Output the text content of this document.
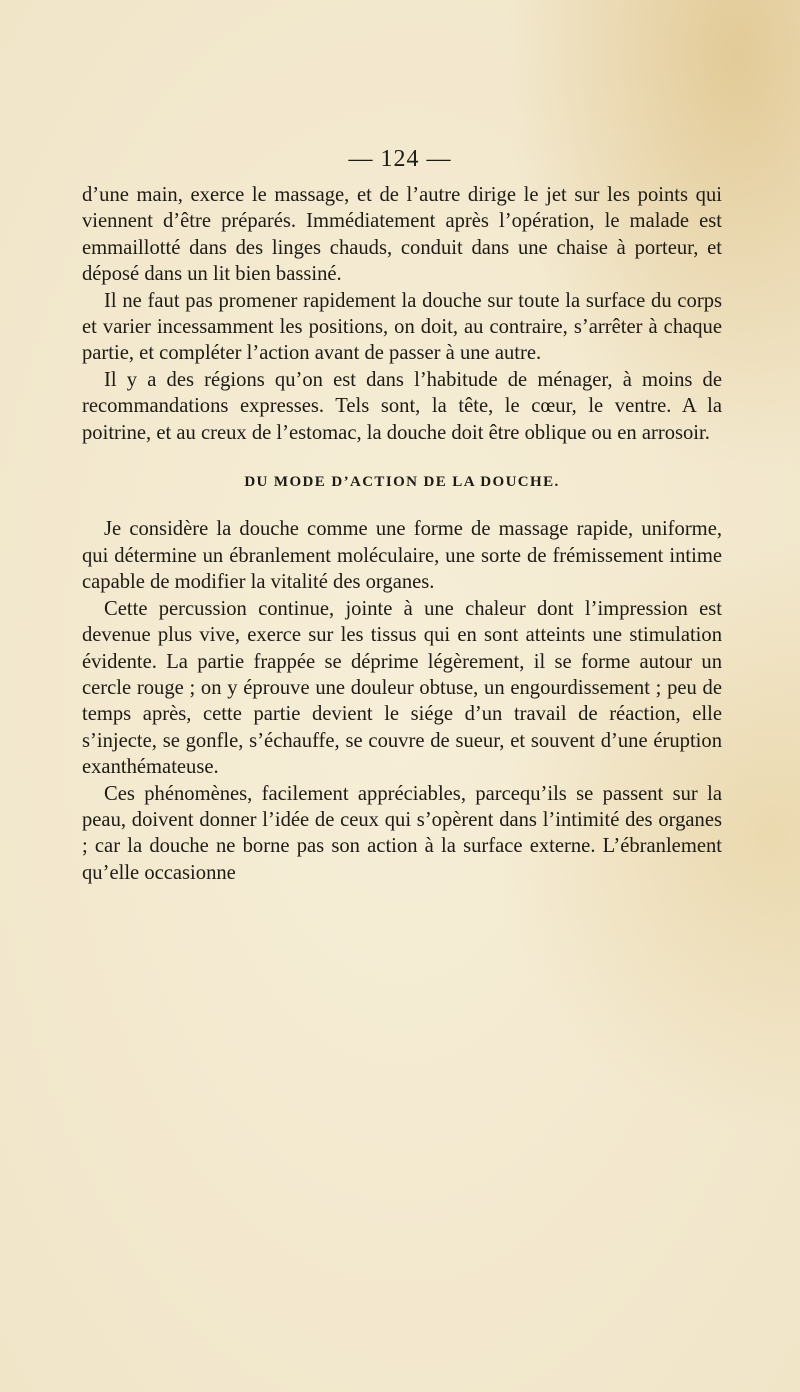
— 124 —

d’une main, exerce le massage, et de l’autre dirige le jet sur les points qui viennent d’être préparés. Immédiatement après l’opération, le malade est emmaillotté dans des linges chauds, conduit dans une chaise à porteur, et déposé dans un lit bien bassiné.

Il ne faut pas promener rapidement la douche sur toute la surface du corps et varier incessamment les positions, on doit, au contraire, s’arrêter à chaque partie, et compléter l’action avant de passer à une autre.

Il y a des régions qu’on est dans l’habitude de ménager, à moins de recommandations expresses. Tels sont, la tête, le cœur, le ventre. A la poitrine, et au creux de l’estomac, la douche doit être oblique ou en arrosoir.

DU MODE D’ACTION DE LA DOUCHE.

Je considère la douche comme une forme de massage rapide, uniforme, qui détermine un ébranlement moléculaire, une sorte de frémissement intime capable de modifier la vitalité des organes.

Cette percussion continue, jointe à une chaleur dont l’impression est devenue plus vive, exerce sur les tissus qui en sont atteints une stimulation évidente. La partie frappée se déprime légèrement, il se forme autour un cercle rouge ; on y éprouve une douleur obtuse, un engourdissement ; peu de temps après, cette partie devient le siége d’un travail de réaction, elle s’injecte, se gonfle, s’échauffe, se couvre de sueur, et souvent d’une éruption exanthémateuse.

Ces phénomènes, facilement appréciables, parcequ’ils se passent sur la peau, doivent donner l’idée de ceux qui s’opèrent dans l’intimité des organes ; car la douche ne borne pas son action à la surface externe. L’ébranlement qu’elle occasionne
